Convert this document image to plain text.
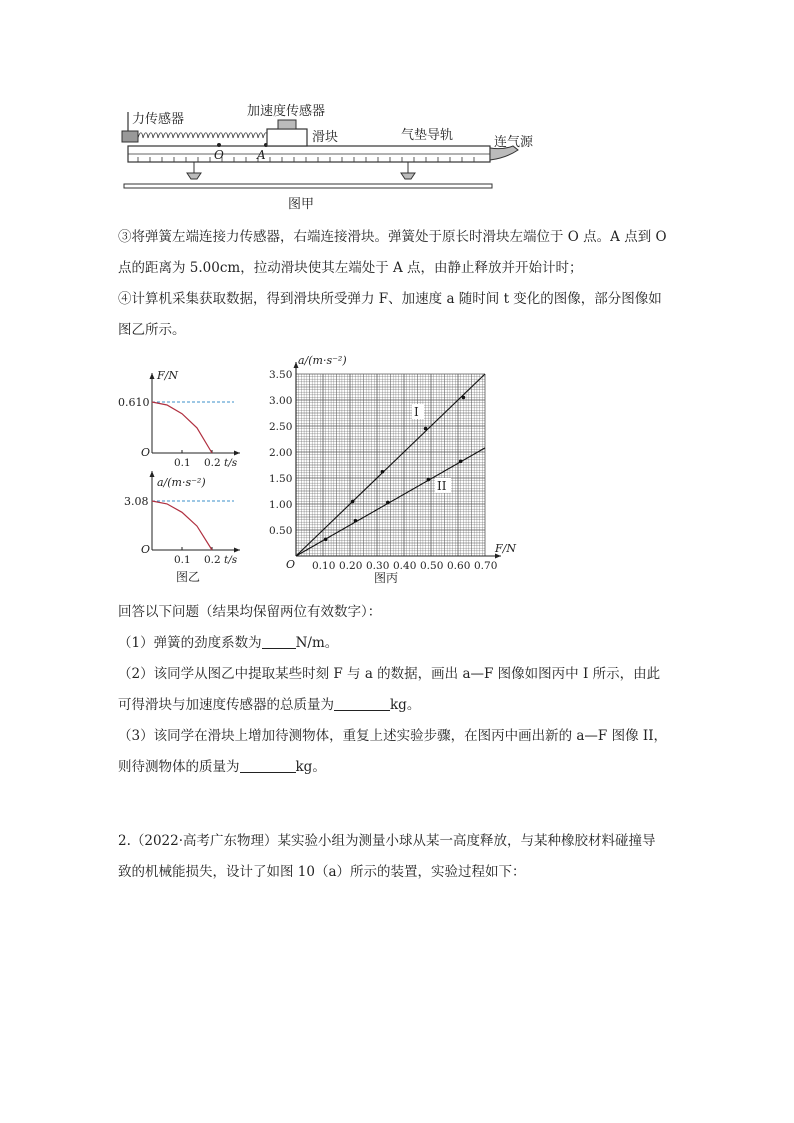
力传感器
加速度传感器
滑块	气垫导轨	连气源
O	A
图甲
③将弹簧左端连接力传感器，右端连接滑块。弹簧处于原长时滑块左端位于 O 点。A 点到 O
点的距离为 5.00cm，拉动滑块使其左端处于 A 点，由静止释放并开始计时；
④计算机采集获取数据，得到滑块所受弹力 F、加速度 a 随时间 t 变化的图像，部分图像如
图乙所示。
F/N
0.610
O
0.1 0.2 t/s
a/(m·s⁻²)
3.08
O
0.1 0.2 t/s
图乙
3.50
3.00
2.50
2.00
1.50
1.00
0.50
0.10 0.20 0.30 0.40 0.50 0.60 0.70
a/(m·s⁻²)
F/N
O
图丙
I
II
回答以下问题（结果均保留两位有效数字）：
（1）弹簧的劲度系数为	N/m。
（2）该同学从图乙中提取某些时刻 F 与 a 的数据，画出 a—F 图像如图丙中 I 所示，由此
可得滑块与加速度传感器的总质量为	kg。
（3）该同学在滑块上增加待测物体，重复上述实验步骤，在图丙中画出新的 a—F 图像 II，
则待测物体的质量为	kg。
2.（2022·高考广东物理）某实验小组为测量小球从某一高度释放，与某种橡胶材料碰撞导
致的机械能损失，设计了如图 10（a）所示的装置，实验过程如下：
